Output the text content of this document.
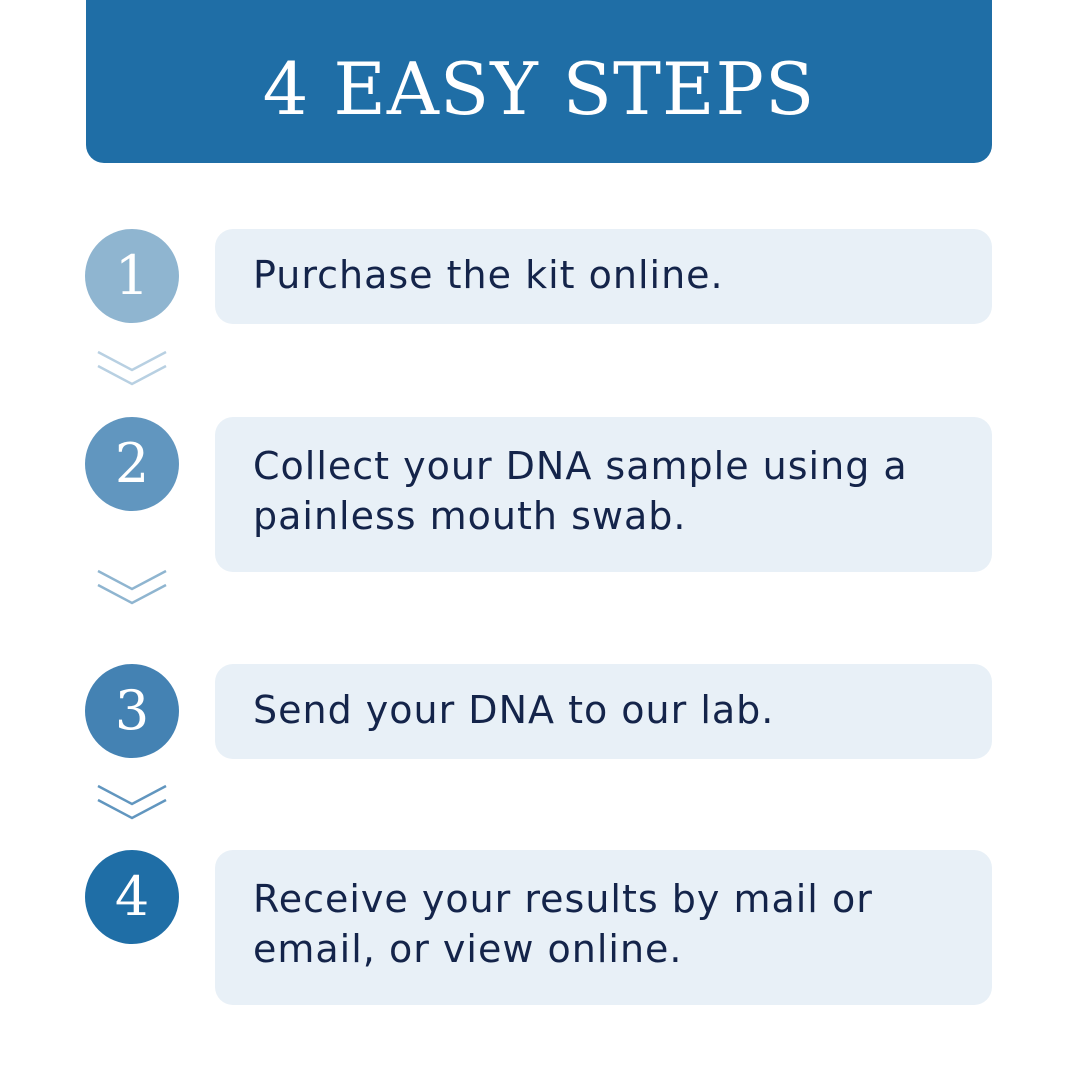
4 EASY STEPS
1	Purchase the kit online.
2	Collect your DNA sample using a painless mouth swab.
3	Send your DNA to our lab.
4	Receive your results by mail or email, or view online.
